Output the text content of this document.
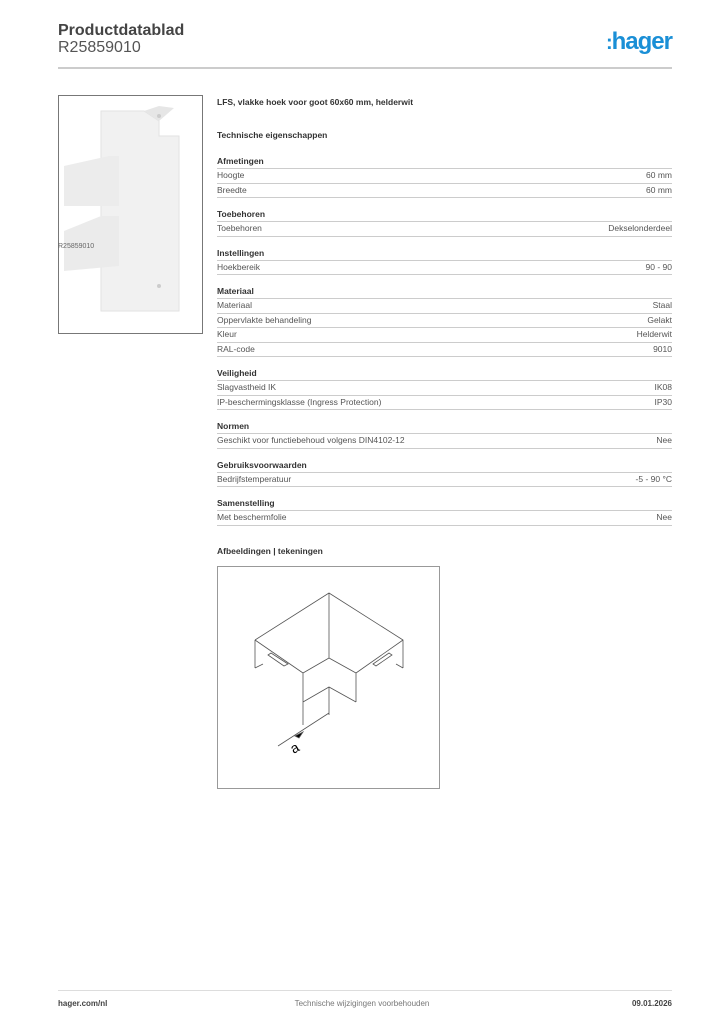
Productdatablad
R25859010	:hager
R25859010
LFS, vlakke hoek voor goot 60x60 mm, helderwit
Technische eigenschappen
Afmetingen
Hoogte	60 mm
Breedte	60 mm
Toebehoren
Toebehoren	Dekselonderdeel
Instellingen
Hoekbereik	90 - 90
Materiaal
Materiaal	Staal
Oppervlakte behandeling	Gelakt
Kleur	Helderwit
RAL-code	9010
Veiligheid
Slagvastheid IK	IK08
IP-beschermingsklasse (Ingress Protection)	IP30
Normen
Geschikt voor functiebehoud volgens DIN4102-12	Nee
Gebruiksvoorwaarden
Bedrijfstemperatuur	-5 - 90 °C
Samenstelling
Met beschermfolie	Nee
Afbeeldingen | tekeningen
a
hager.com/nl	Technische wijzigingen voorbehouden	09.01.2026
